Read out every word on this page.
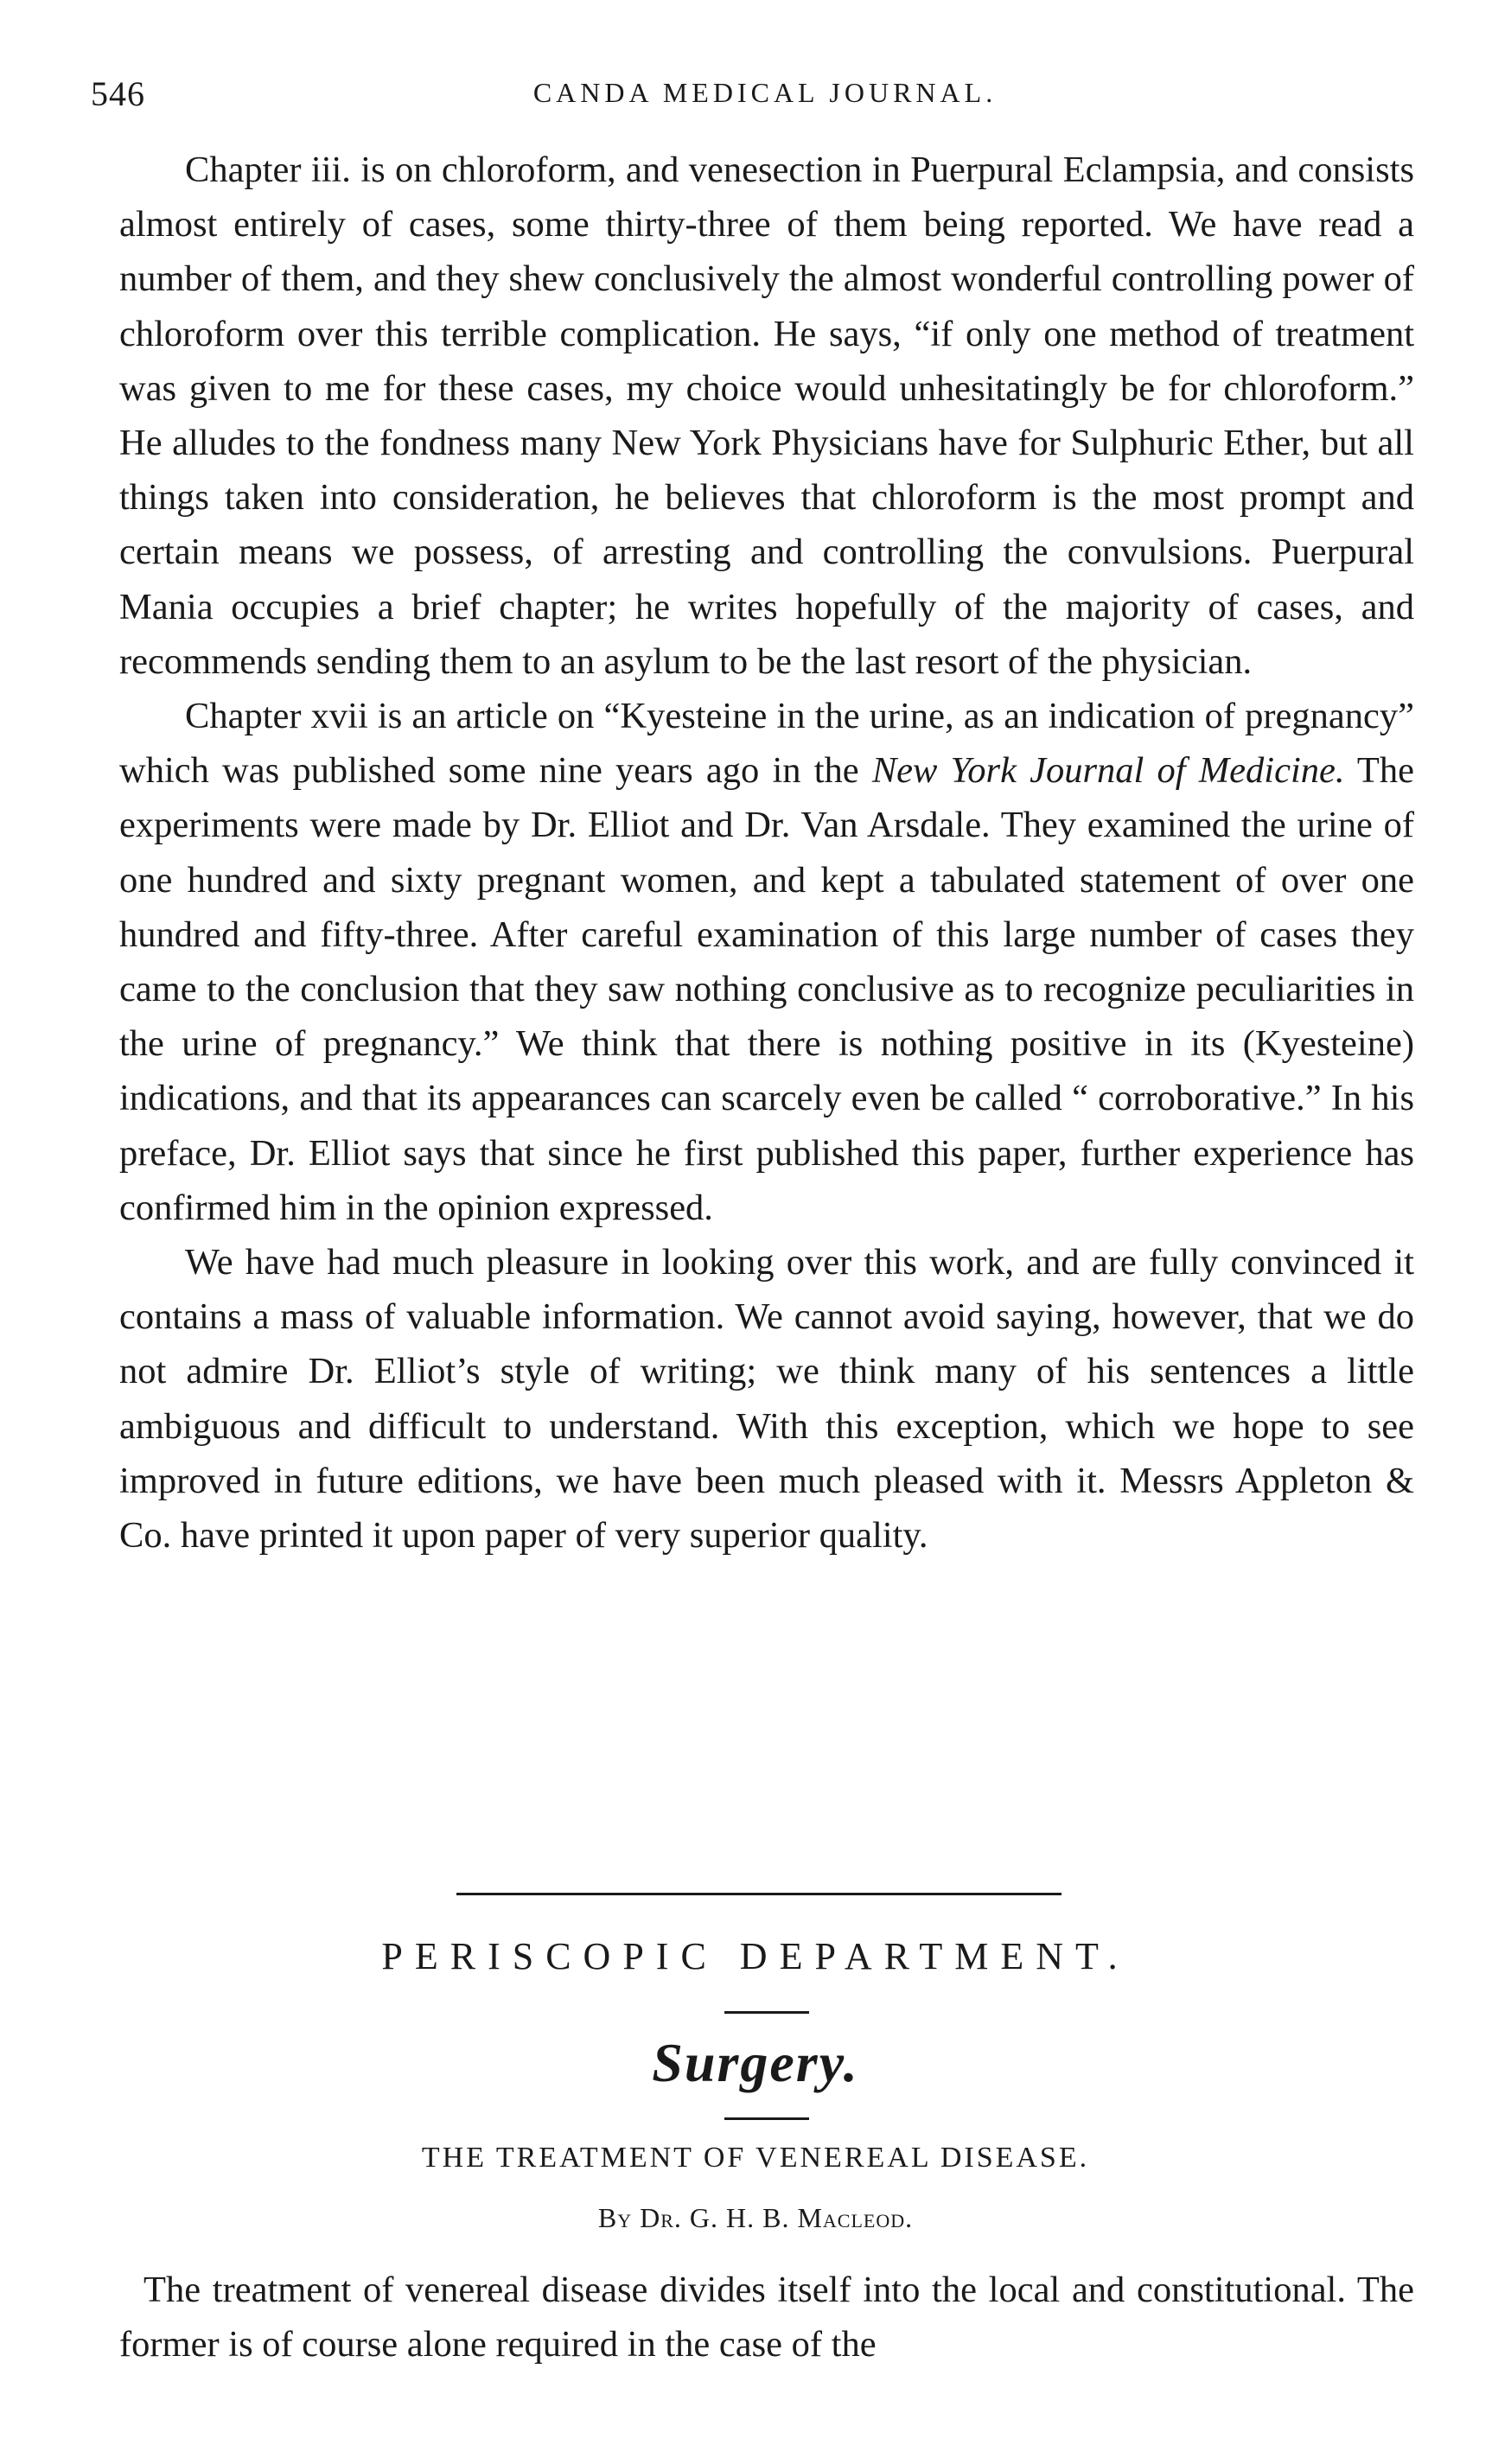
546	CANDA MEDICAL JOURNAL.

Chapter iii. is on chloroform, and venesection in Puerpural Eclampsia, and consists almost entirely of cases, some thirty-three of them being reported. We have read a number of them, and they shew conclusively the almost wonderful controlling power of chloroform over this terrible complication. He says, “if only one method of treatment was given to me for these cases, my choice would unhesitatingly be for chloroform.” He alludes to the fondness many New York Physicians have for Sulphuric Ether, but all things taken into consideration, he believes that chloroform is the most prompt and certain means we possess, of arresting and controlling the convulsions. Puerpural Mania occupies a brief chapter; he writes hopefully of the majority of cases, and recommends sending them to an asylum to be the last resort of the physician.

Chapter xvii is an article on “Kyesteine in the urine, as an indication of pregnancy” which was published some nine years ago in the New York Journal of Medicine. The experiments were made by Dr. Elliot and Dr. Van Arsdale. They examined the urine of one hundred and sixty pregnant women, and kept a tabulated statement of over one hundred and fifty-three. After careful examination of this large number of cases they came to the conclusion that they saw nothing conclusive as to recognize peculiarities in the urine of pregnancy.” We think that there is nothing positive in its (Kyesteine) indications, and that its appearances can scarcely even be called “ corroborative.” In his preface, Dr. Elliot says that since he first published this paper, further experience has confirmed him in the opinion expressed.

We have had much pleasure in looking over this work, and are fully convinced it contains a mass of valuable information. We cannot avoid saying, however, that we do not admire Dr. Elliot’s style of writing; we think many of his sentences a little ambiguous and difficult to understand. With this exception, which we hope to see improved in future editions, we have been much pleased with it. Messrs Appleton & Co. have printed it upon paper of very superior quality.

PERISCOPIC DEPARTMENT.
Surgery.
THE TREATMENT OF VENEREAL DISEASE.
By Dr. G. H. B. Macleod.

The treatment of venereal disease divides itself into the local and constitutional. The former is of course alone required in the case of the
